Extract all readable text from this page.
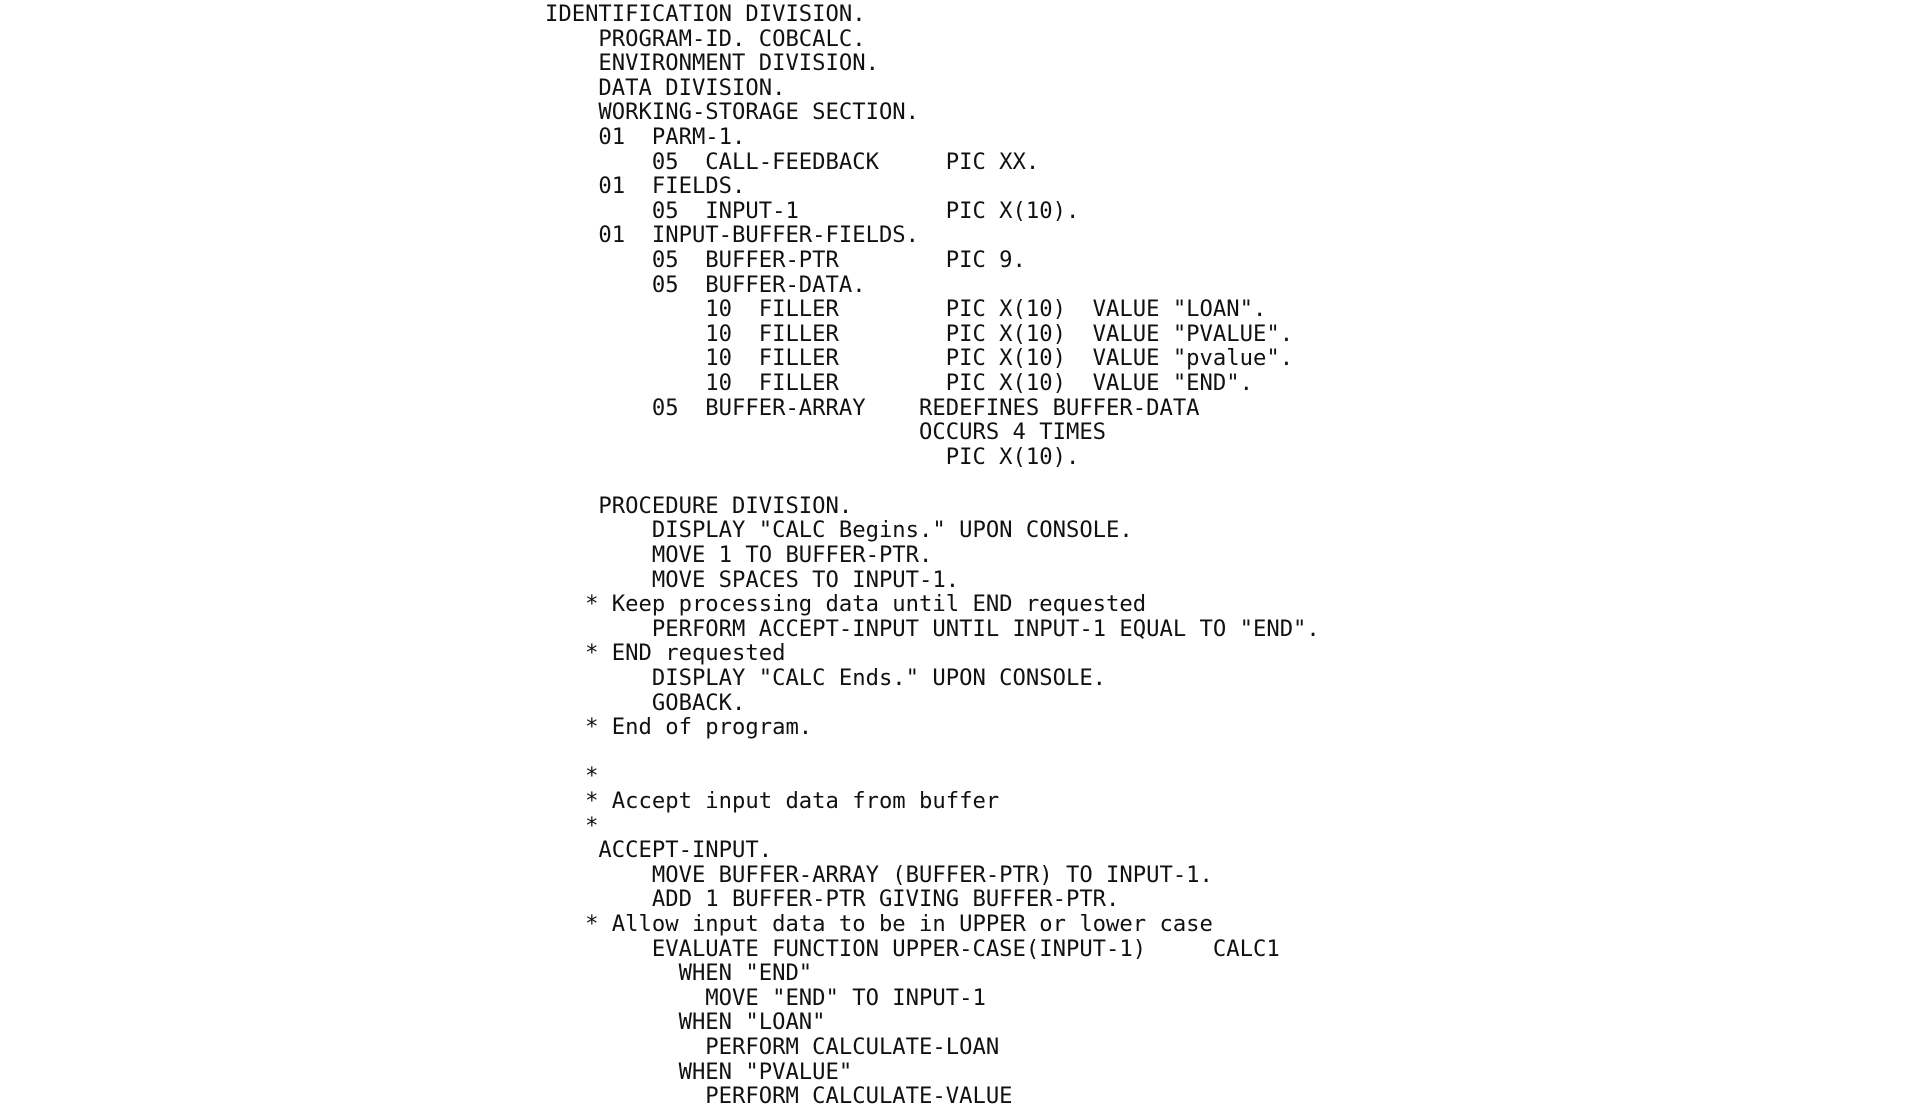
IDENTIFICATION DIVISION.
PROGRAM-ID. COBCALC.
ENVIRONMENT DIVISION.
DATA DIVISION.
WORKING-STORAGE SECTION.
01  PARM-1.
05  CALL-FEEDBACK     PIC XX.
01  FIELDS.
05  INPUT-1           PIC X(10).
01  INPUT-BUFFER-FIELDS.
05  BUFFER-PTR        PIC 9.
05  BUFFER-DATA.
10  FILLER        PIC X(10)  VALUE "LOAN".
10  FILLER        PIC X(10)  VALUE "PVALUE".
10  FILLER        PIC X(10)  VALUE "pvalue".
10  FILLER        PIC X(10)  VALUE "END".
05  BUFFER-ARRAY    REDEFINES BUFFER-DATA
OCCURS 4 TIMES
PIC X(10).
PROCEDURE DIVISION.
DISPLAY "CALC Begins." UPON CONSOLE.
MOVE 1 TO BUFFER-PTR.
MOVE SPACES TO INPUT-1.
* Keep processing data until END requested
PERFORM ACCEPT-INPUT UNTIL INPUT-1 EQUAL TO "END".
* END requested
DISPLAY "CALC Ends." UPON CONSOLE.
GOBACK.
* End of program.
*
* Accept input data from buffer
*
ACCEPT-INPUT.
MOVE BUFFER-ARRAY (BUFFER-PTR) TO INPUT-1.
ADD 1 BUFFER-PTR GIVING BUFFER-PTR.
* Allow input data to be in UPPER or lower case
EVALUATE FUNCTION UPPER-CASE(INPUT-1)     CALC1
WHEN "END"
MOVE "END" TO INPUT-1
WHEN "LOAN"
PERFORM CALCULATE-LOAN
WHEN "PVALUE"
PERFORM CALCULATE-VALUE
